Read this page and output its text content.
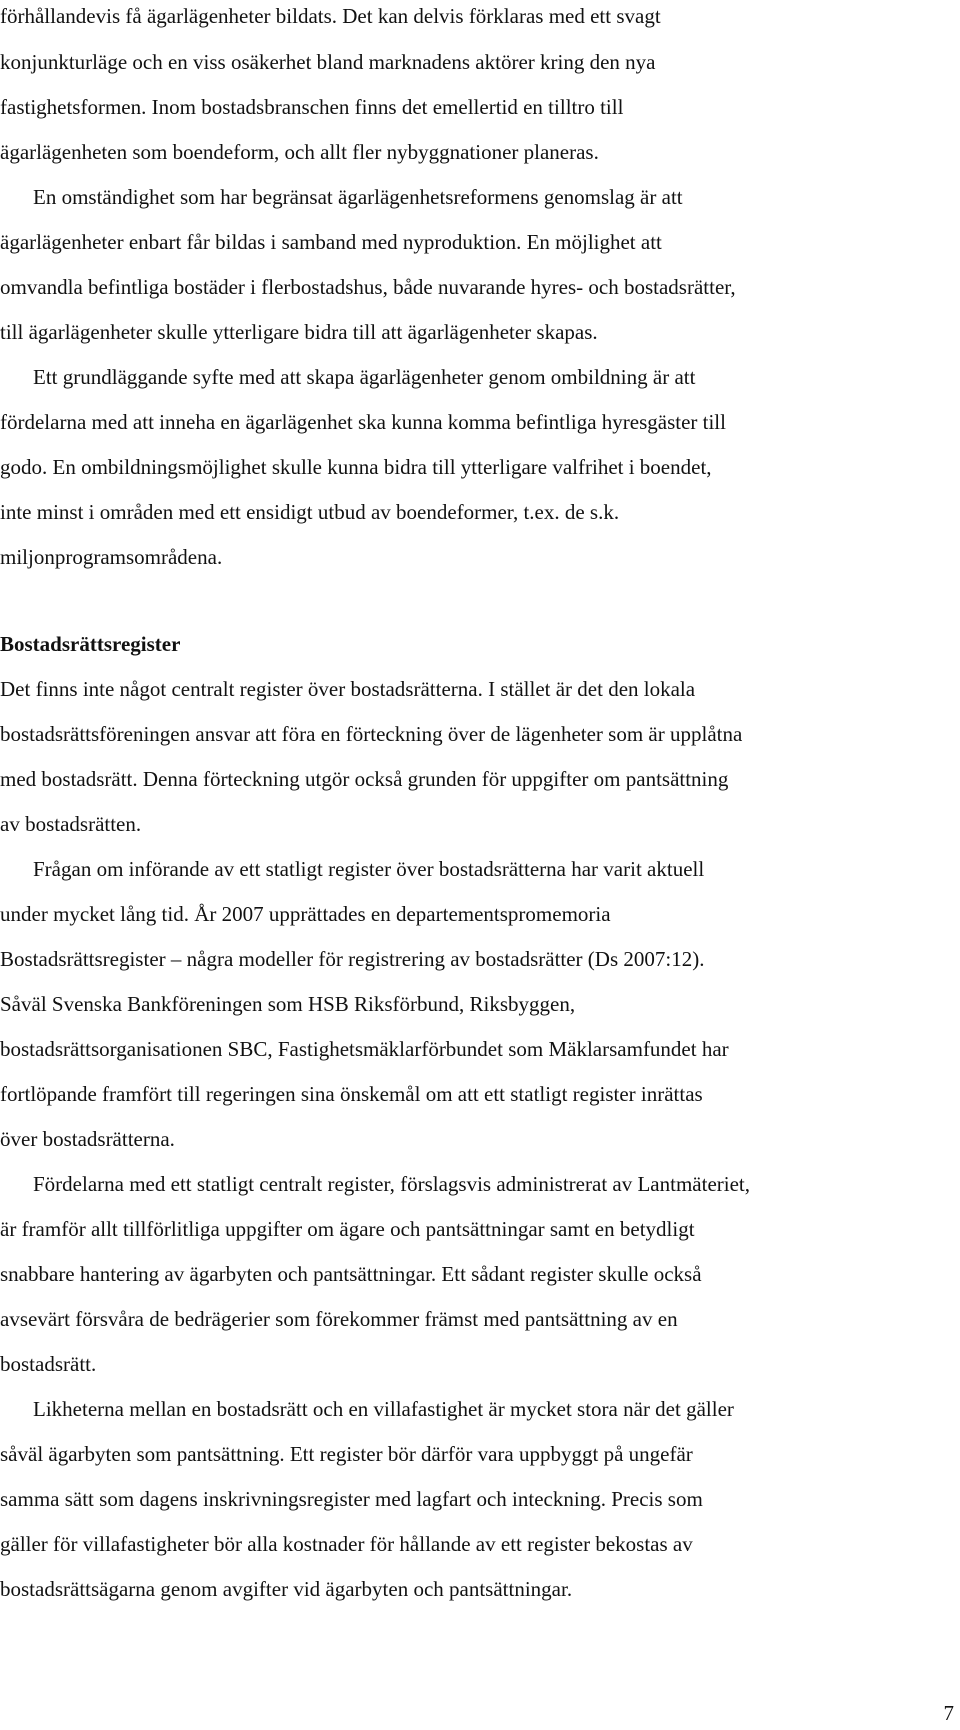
förhållandevis få ägarlägenheter bildats. Det kan delvis förklaras med ett svagt

konjunkturläge och en viss osäkerhet bland marknadens aktörer kring den nya

fastighetsformen. Inom bostadsbranschen finns det emellertid en tilltro till

ägarlägenheten som boendeform, och allt fler nybyggnationer planeras.

En omständighet som har begränsat ägarlägenhetsreformens genomslag är att

ägarlägenheter enbart får bildas i samband med nyproduktion. En möjlighet att

omvandla befintliga bostäder i flerbostadshus, både nuvarande hyres- och bostadsrätter,

till ägarlägenheter skulle ytterligare bidra till att ägarlägenheter skapas.

Ett grundläggande syfte med att skapa ägarlägenheter genom ombildning är att

fördelarna med att inneha en ägarlägenhet ska kunna komma befintliga hyresgäster till

godo. En ombildningsmöjlighet skulle kunna bidra till ytterligare valfrihet i boendet,

inte minst i områden med ett ensidigt utbud av boendeformer, t.ex. de s.k.

miljonprogramsområdena.

Bostadsrättsregister

Det finns inte något centralt register över bostadsrätterna. I stället är det den lokala

bostadsrättsföreningen ansvar att föra en förteckning över de lägenheter som är upplåtna

med bostadsrätt. Denna förteckning utgör också grunden för uppgifter om pantsättning

av bostadsrätten.

Frågan om införande av ett statligt register över bostadsrätterna har varit aktuell

under mycket lång tid. År 2007 upprättades en departementspromemoria

Bostadsrättsregister – några modeller för registrering av bostadsrätter (Ds 2007:12).

Såväl Svenska Bankföreningen som HSB Riksförbund, Riksbyggen,

bostadsrättsorganisationen SBC, Fastighetsmäklarförbundet som Mäklarsamfundet har

fortlöpande framfört till regeringen sina önskemål om att ett statligt register inrättas

över bostadsrätterna.

Fördelarna med ett statligt centralt register, förslagsvis administrerat av Lantmäteriet,

är framför allt tillförlitliga uppgifter om ägare och pantsättningar samt en betydligt

snabbare hantering av ägarbyten och pantsättningar. Ett sådant register skulle också

avsevärt försvåra de bedrägerier som förekommer främst med pantsättning av en

bostadsrätt.

Likheterna mellan en bostadsrätt och en villafastighet är mycket stora när det gäller

såväl ägarbyten som pantsättning. Ett register bör därför vara uppbyggt på ungefär

samma sätt som dagens inskrivningsregister med lagfart och inteckning. Precis som

gäller för villafastigheter bör alla kostnader för hållande av ett register bekostas av

bostadsrättsägarna genom avgifter vid ägarbyten och pantsättningar.

7
